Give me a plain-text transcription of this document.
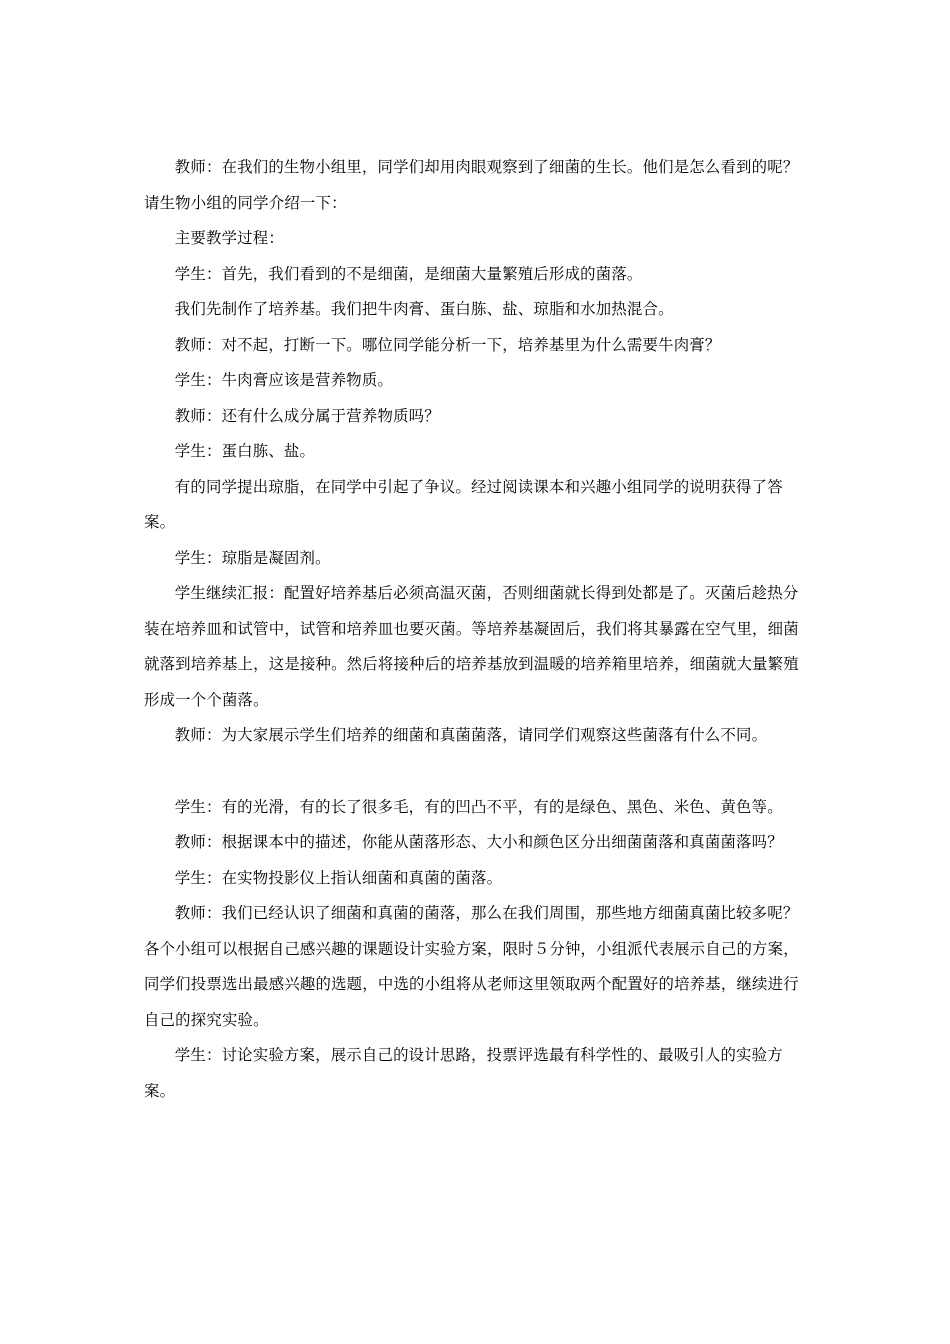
教师：在我们的生物小组里，同学们却用肉眼观察到了细菌的生长。他们是怎么看到的呢？请生物小组的同学介绍一下：

主要教学过程：

学生：首先，我们看到的不是细菌，是细菌大量繁殖后形成的菌落。

我们先制作了培养基。我们把牛肉膏、蛋白胨、盐、琼脂和水加热混合。

教师：对不起，打断一下。哪位同学能分析一下，培养基里为什么需要牛肉膏？

学生：牛肉膏应该是营养物质。

教师：还有什么成分属于营养物质吗？

学生：蛋白胨、盐。

有的同学提出琼脂，在同学中引起了争议。经过阅读课本和兴趣小组同学的说明获得了答案。

学生：琼脂是凝固剂。

学生继续汇报：配置好培养基后必须高温灭菌，否则细菌就长得到处都是了。灭菌后趁热分装在培养皿和试管中，试管和培养皿也要灭菌。等培养基凝固后，我们将其暴露在空气里，细菌就落到培养基上，这是接种。然后将接种后的培养基放到温暖的培养箱里培养，细菌就大量繁殖形成一个个菌落。

教师：为大家展示学生们培养的细菌和真菌菌落，请同学们观察这些菌落有什么不同。

学生：有的光滑，有的长了很多毛，有的凹凸不平，有的是绿色、黑色、米色、黄色等。

教师：根据课本中的描述，你能从菌落形态、大小和颜色区分出细菌菌落和真菌菌落吗？

学生：在实物投影仪上指认细菌和真菌的菌落。

教师：我们已经认识了细菌和真菌的菌落，那么在我们周围，那些地方细菌真菌比较多呢？各个小组可以根据自己感兴趣的课题设计实验方案，限时５分钟，小组派代表展示自己的方案，同学们投票选出最感兴趣的选题，中选的小组将从老师这里领取两个配置好的培养基，继续进行自己的探究实验。

学生：讨论实验方案，展示自己的设计思路，投票评选最有科学性的、最吸引人的实验方案。
